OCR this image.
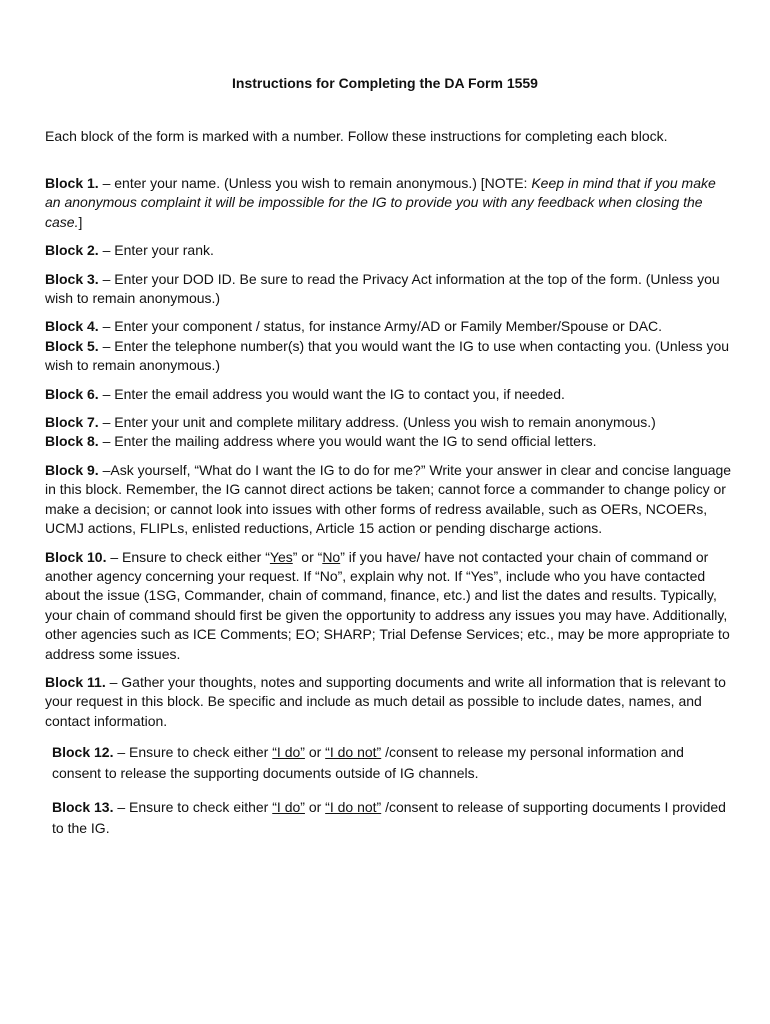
Instructions for Completing the DA Form 1559
Each block of the form is marked with a number. Follow these instructions for completing each block.

Block 1. – enter your name. (Unless you wish to remain anonymous.) [NOTE: Keep in mind that if you make an anonymous complaint it will be impossible for the IG to provide you with any feedback when closing the case.]

Block 2. – Enter your rank.

Block 3. – Enter your DOD ID. Be sure to read the Privacy Act information at the top of the form. (Unless you wish to remain anonymous.)

Block 4. – Enter your component / status, for instance Army/AD or Family Member/Spouse or DAC.

Block 5. – Enter the telephone number(s) that you would want the IG to use when contacting you. (Unless you wish to remain anonymous.)

Block 6. – Enter the email address you would want the IG to contact you, if needed.

Block 7. – Enter your unit and complete military address. (Unless you wish to remain anonymous.)

Block 8. – Enter the mailing address where you would want the IG to send official letters.

Block 9. –Ask yourself, “What do I want the IG to do for me?” Write your answer in clear and concise language in this block. Remember, the IG cannot direct actions be taken; cannot force a commander to change policy or make a decision; or cannot look into issues with other forms of redress available, such as OERs, NCOERs, UCMJ actions, FLIPLs, enlisted reductions, Article 15 action or pending discharge actions.

Block 10. – Ensure to check either “Yes” or “No” if you have/ have not contacted your chain of command or another agency concerning your request. If “No”, explain why not. If “Yes”, include who you have contacted about the issue (1SG, Commander, chain of command, finance, etc.) and list the dates and results. Typically, your chain of command should first be given the opportunity to address any issues you may have. Additionally, other agencies such as ICE Comments; EO; SHARP; Trial Defense Services; etc., may be more appropriate to address some issues.

Block 11. – Gather your thoughts, notes and supporting documents and write all information that is relevant to your request in this block. Be specific and include as much detail as possible to include dates, names, and contact information.

Block 12. – Ensure to check either “I do” or “I do not” /consent to release my personal information and consent to release the supporting documents outside of IG channels.

Block 13. – Ensure to check either “I do” or “I do not” /consent to release of supporting documents I provided to the IG.
